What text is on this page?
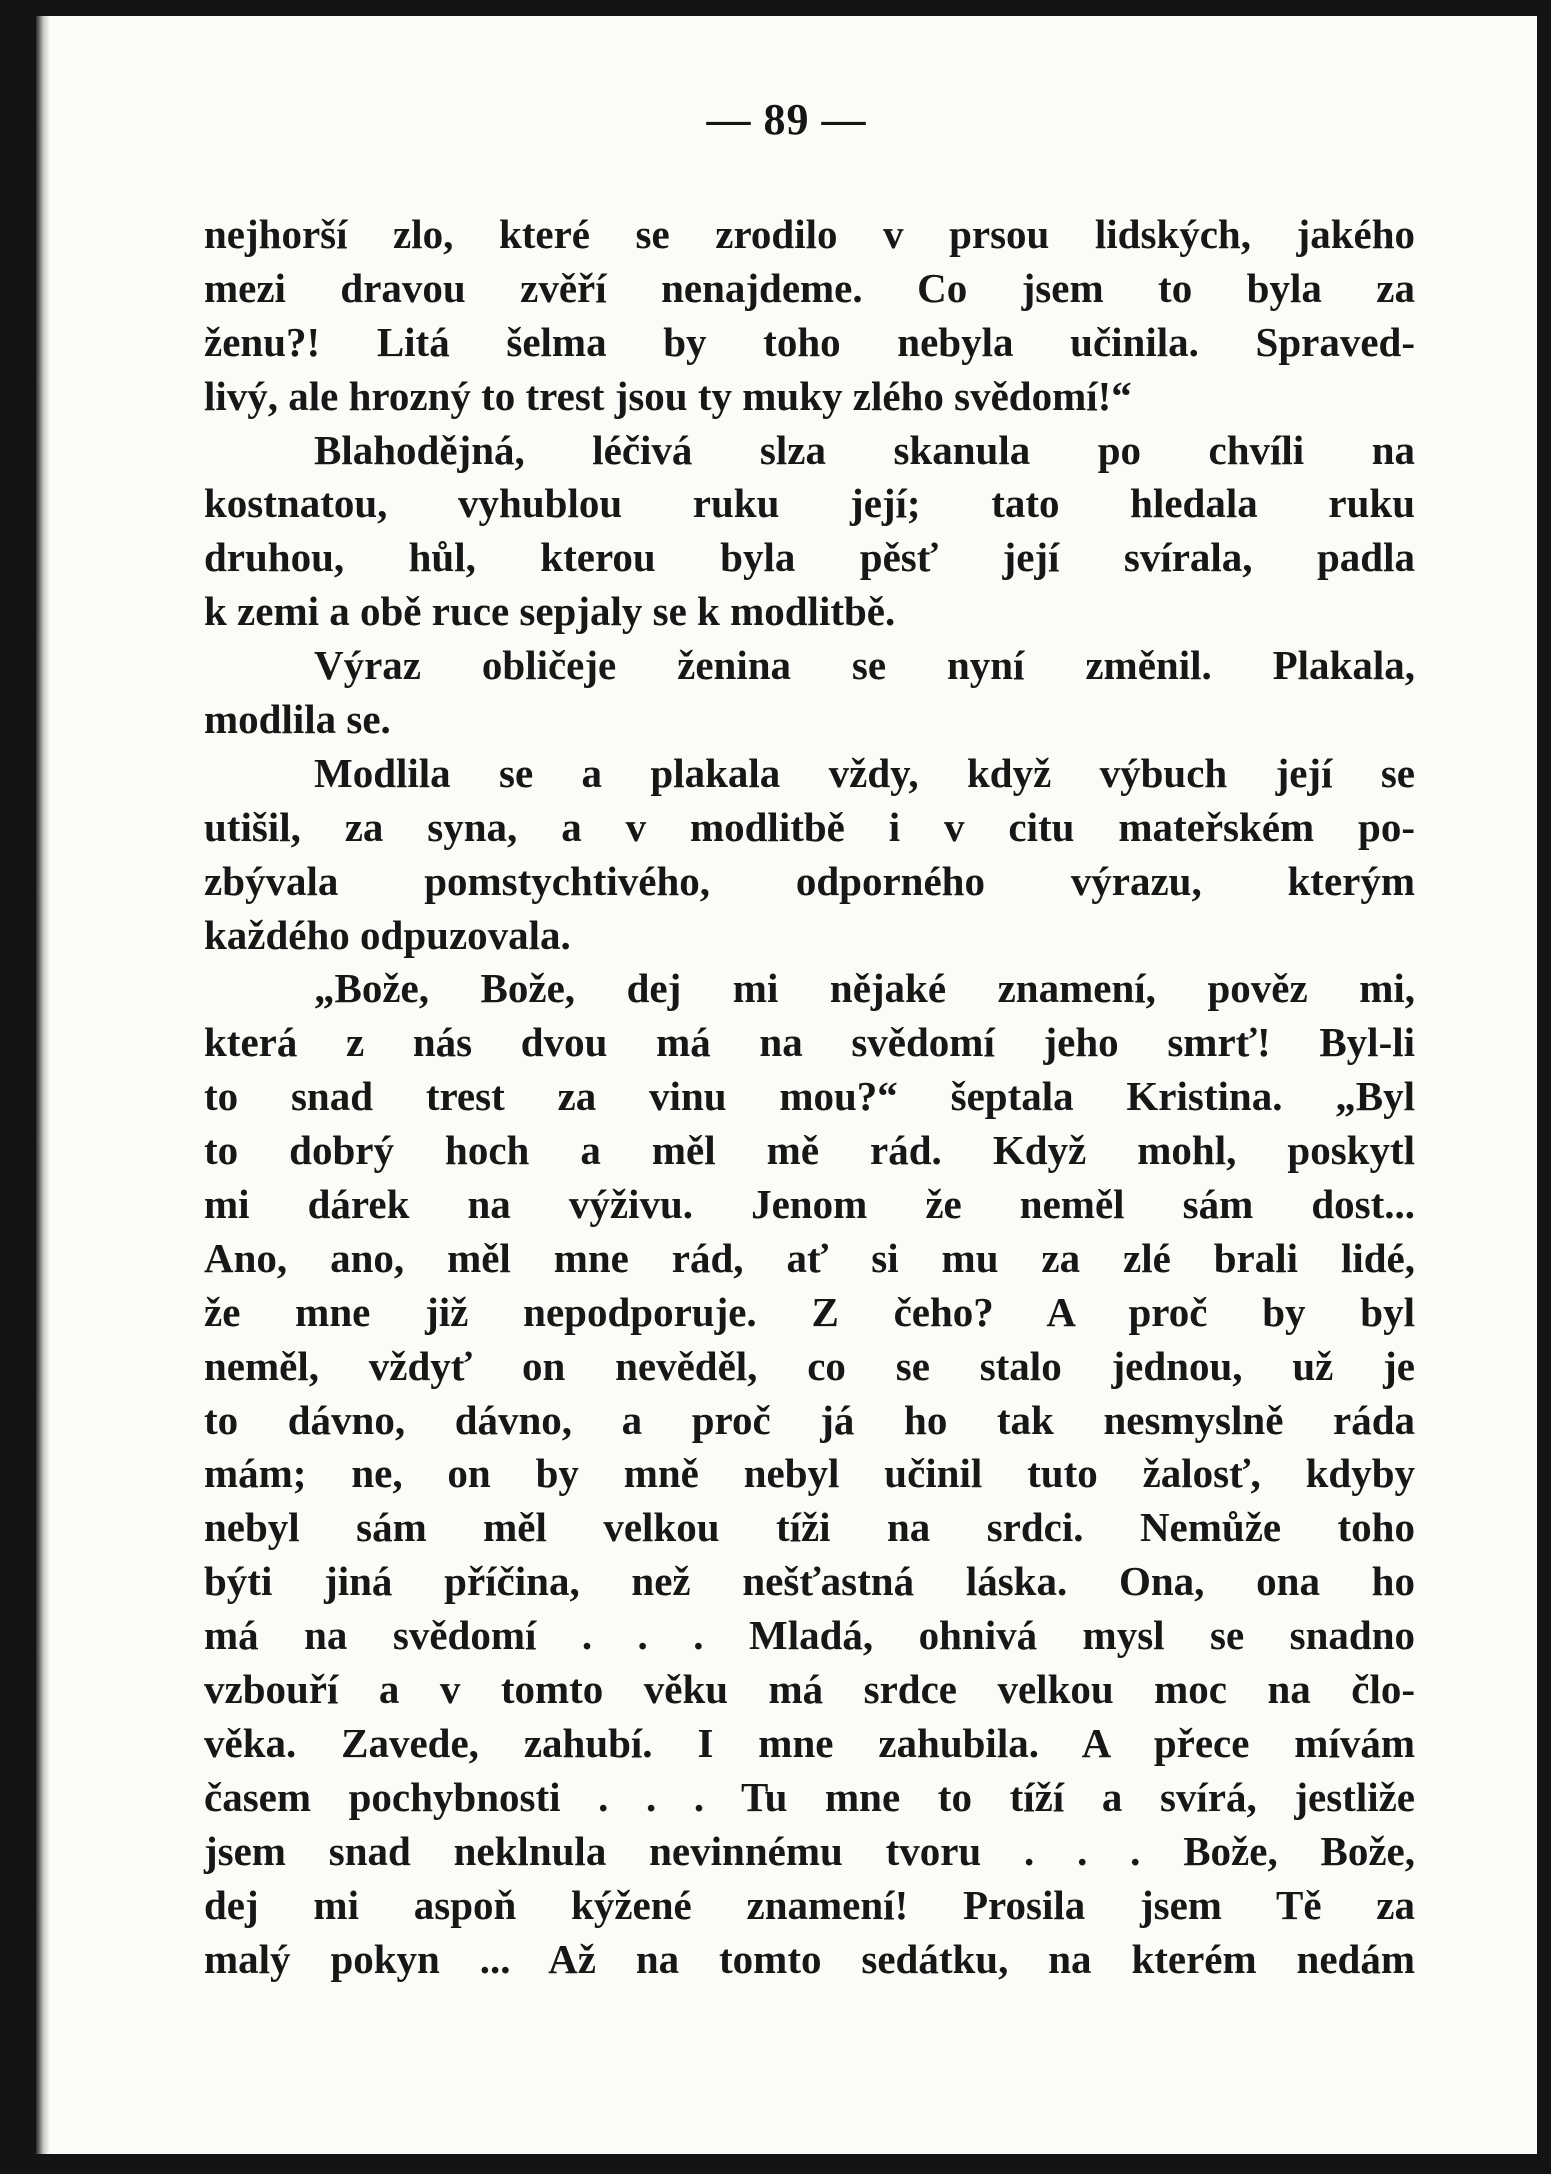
— 89 —
nejhorší zlo, které se zrodilo v prsou lidských, jakého
mezi dravou zvěří nenajdeme. Co jsem to byla za
ženu?! Litá šelma by toho nebyla učinila. Spraved-
livý, ale hrozný to trest jsou ty muky zlého svědomí!“
Blahodějná, léčivá slza skanula po chvíli na
kostnatou, vyhublou ruku její; tato hledala ruku
druhou, hůl, kterou byla pěsť její svírala, padla
k zemi a obě ruce sepjaly se k modlitbě.
Výraz obličeje ženina se nyní změnil. Plakala,
modlila se.
Modlila se a plakala vždy, když výbuch její se
utišil, za syna, a v modlitbě i v citu mateřském po-
zbývala pomstychtivého, odporného výrazu, kterým
každého odpuzovala.
„Bože, Bože, dej mi nějaké znamení, pověz mi,
která z nás dvou má na svědomí jeho smrť! Byl-li
to snad trest za vinu mou?“ šeptala Kristina. „Byl
to dobrý hoch a měl mě rád. Když mohl, poskytl
mi dárek na výživu. Jenom že neměl sám dost...
Ano, ano, měl mne rád, ať si mu za zlé brali lidé,
že mne již nepodporuje. Z čeho? A proč by byl
neměl, vždyť on nevěděl, co se stalo jednou, už je
to dávno, dávno, a proč já ho tak nesmyslně ráda
mám; ne, on by mně nebyl učinil tuto žalosť, kdyby
nebyl sám měl velkou tíži na srdci. Nemůže toho
býti jiná příčina, než nešťastná láska. Ona, ona ho
má na svědomí . . . Mladá, ohnivá mysl se snadno
vzbouří a v tomto věku má srdce velkou moc na člo-
věka. Zavede, zahubí. I mne zahubila. A přece mívám
časem pochybnosti . . . Tu mne to tíží a svírá, jestliže
jsem snad neklnula nevinnému tvoru . . . Bože, Bože,
dej mi aspoň kýžené znamení! Prosila jsem Tě za
malý pokyn ... Až na tomto sedátku, na kterém nedám
